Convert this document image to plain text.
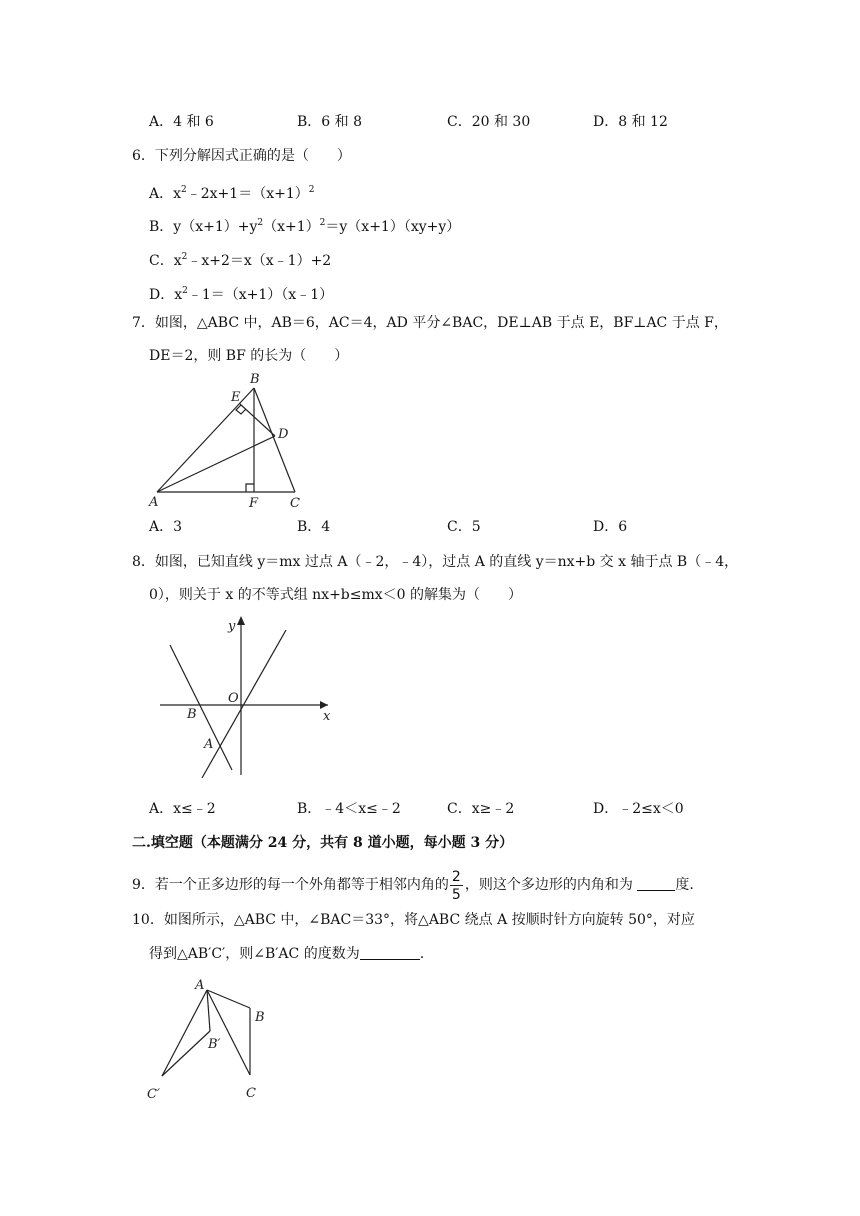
A．4 和 6	B．6 和 8	C．20 和 30	D．8 和 12
6．下列分解因式正确的是（　　）
A．$x^2﹣2x+1=(x+1)^2$
B．$y(x+1)+y^2(x+1)^2=y(x+1)(xy+y)$
C．$x^2﹣x+2=x(x﹣1)+2$
D．$x^2﹣1=(x+1)(x﹣1)$
7．如图，△ABC 中，AB＝6，AC＝4，AD 平分∠BAC，DE⊥AB 于点 E，BF⊥AC 于点 F，
DE＝2，则 BF 的长为（　　）
B
E
D
A	F C
A．3	B．4	C．5	D．6
8．如图，已知直线 y＝mx 过点 A（﹣2，﹣4），过点 A 的直线 y＝nx+b 交 x 轴于点 B（﹣4，
0），则关于 x 的不等式组 nx+b≤mx＜0 的解集为（　　）
y
O
B	x
A
A．x≤﹣2	B．﹣4＜x≤﹣2	C．x≥﹣2	D．﹣2≤x＜0
二.填空题（本题满分 24 分，共有 8 道小题，每小题 3 分）
9．若一个正多边形的每一个外角都等于相邻内角的 $\frac{2}{5}$ ，则这个多边形的内角和为	度.
10．如图所示，△ABC 中，∠BAC＝33°，将△ABC 绕点 A 按顺时针方向旋转 50°，对应
得到△AB′C′，则∠B′AC 的度数为	.
A
B
B′
C′	C
